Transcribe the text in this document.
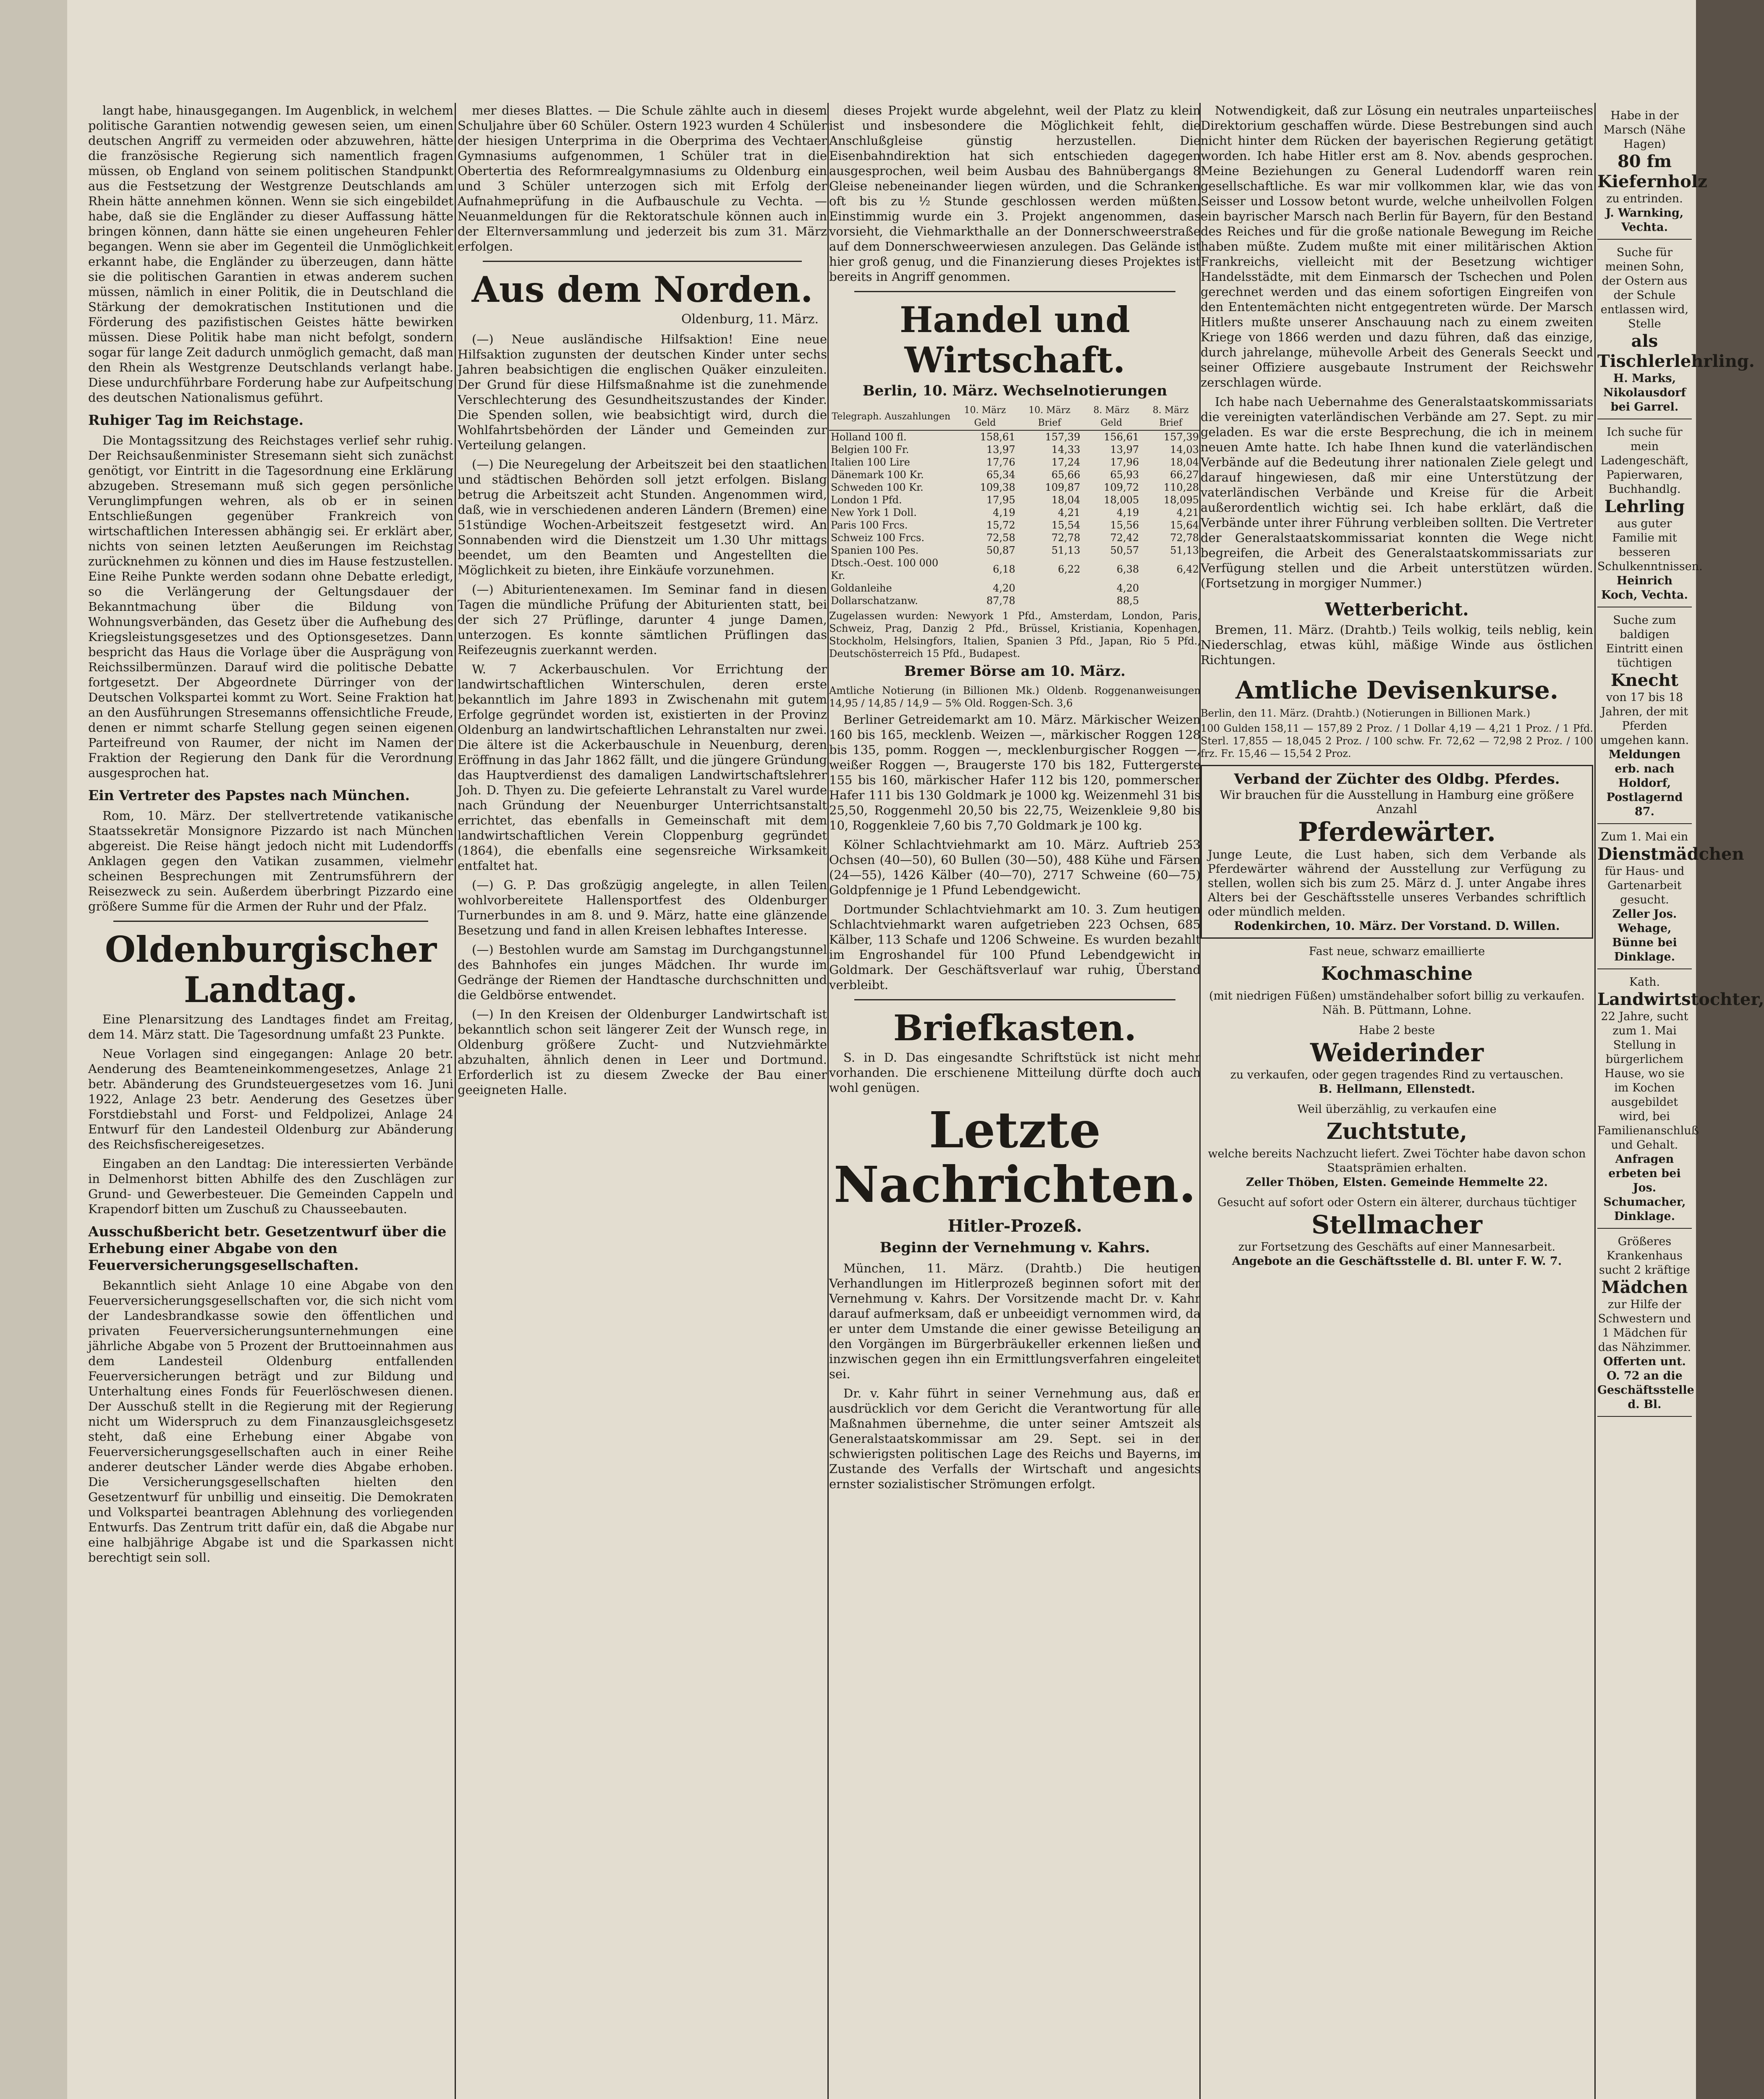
langt habe, hinausgegangen. Im Augenblick, in welchem politische Garantien notwendig gewesen seien, um einen deutschen Angriff zu vermeiden oder abzuwehren, hätte die französische Regierung sich namentlich fragen müssen, ob England von seinem politischen Standpunkt aus die Festsetzung der Westgrenze Deutschlands am Rhein hätte annehmen können. Wenn sie sich eingebildet habe, daß sie die Engländer zu dieser Auffassung hätte bringen können, dann hätte sie einen ungeheuren Fehler begangen. Wenn sie aber im Gegenteil die Unmöglichkeit erkannt habe, die Engländer zu überzeugen, dann hätte sie die politischen Garantien in etwas anderem suchen müssen, nämlich in einer Politik, die in Deutschland die Stärkung der demokratischen Institutionen und die Förderung des pazifistischen Geistes hätte bewirken müssen. Diese Politik habe man nicht befolgt, sondern sogar für lange Zeit dadurch unmöglich gemacht, daß man den Rhein als Westgrenze Deutschlands verlangt habe. Diese undurchführbare Forderung habe zur Aufpeitschung des deutschen Nationalismus geführt.

Ruhiger Tag im Reichstage.

Die Montagssitzung des Reichstages verlief sehr ruhig. Der Reichsaußenminister Stresemann sieht sich zunächst genötigt, vor Eintritt in die Tagesordnung eine Erklärung abzugeben. Stresemann muß sich gegen persönliche Verunglimpfungen wehren, als ob er in seinen Entschließungen gegenüber Frankreich von wirtschaftlichen Interessen abhängig sei. Er erklärt aber, nichts von seinen letzten Aeußerungen im Reichstag zurücknehmen zu können und dies im Hause festzustellen. Eine Reihe Punkte werden sodann ohne Debatte erledigt, so die Verlängerung der Geltungsdauer der Bekanntmachung über die Bildung von Wohnungsverbänden, das Gesetz über die Aufhebung des Kriegsleistungsgesetzes und des Optionsgesetzes. Dann bespricht das Haus die Vorlage über die Ausprägung von Reichssilbermünzen. Darauf wird die politische Debatte fortgesetzt. Der Abgeordnete Dürringer von der Deutschen Volkspartei kommt zu Wort. Seine Fraktion hat an den Ausführungen Stresemanns offensichtliche Freude, denen er nimmt scharfe Stellung gegen seinen eigenen Parteifreund von Raumer, der nicht im Namen der Fraktion der Regierung den Dank für die Verordnung ausgesprochen hat.

Ein Vertreter des Papstes nach München.

Rom, 10. März. Der stellvertretende vatikanische Staatssekretär Monsignore Pizzardo ist nach München abgereist. Die Reise hängt jedoch nicht mit Ludendorffs Anklagen gegen den Vatikan zusammen, vielmehr scheinen Besprechungen mit Zentrumsführern der Reisezweck zu sein. Außerdem überbringt Pizzardo eine größere Summe für die Armen der Ruhr und der Pfalz.

Oldenburgischer Landtag.

Eine Plenarsitzung des Landtages findet am Freitag, dem 14. März statt. Die Tagesordnung umfaßt 23 Punkte.

Neue Vorlagen sind eingegangen: Anlage 20 betr. Aenderung des Beamteneinkommengesetzes, Anlage 21 betr. Abänderung des Grundsteuergesetzes vom 16. Juni 1922, Anlage 23 betr. Aenderung des Gesetzes über Forstdiebstahl und Forst- und Feldpolizei, Anlage 24 Entwurf für den Landesteil Oldenburg zur Abänderung des Reichsfischereigesetzes.

Eingaben an den Landtag: Die interessierten Verbände in Delmenhorst bitten Abhilfe des den Zuschlägen zur Grund- und Gewerbesteuer. Die Gemeinden Cappeln und Krapendorf bitten um Zuschuß zu Chausseebauten.

Ausschußbericht betr. Gesetzentwurf über die Erhebung einer Abgabe von den Feuerversicherungsgesellschaften.

Bekanntlich sieht Anlage 10 eine Abgabe von den Feuerversicherungsgesellschaften vor, die sich nicht vom der Landesbrandkasse sowie den öffentlichen und privaten Feuerversicherungsunternehmungen eine jährliche Abgabe von 5 Prozent der Bruttoeinnahmen aus dem Landesteil Oldenburg entfallenden Feuerversicherungen beträgt und zur Bildung und Unterhaltung eines Fonds für Feuerlöschwesen dienen. Der Ausschuß stellt in die Regierung mit der Regierung nicht um Widerspruch zu dem Finanzausgleichsgesetz steht, daß eine Erhebung einer Abgabe von Feuerversicherungsgesellschaften auch in einer Reihe anderer deutscher Länder werde dies Abgabe erhoben. Die Versicherungsgesellschaften hielten den Gesetzentwurf für unbillig und einseitig. Die Demokraten und Volkspartei beantragen Ablehnung des vorliegenden Entwurfs. Das Zentrum tritt dafür ein, daß die Abgabe nur eine halbjährige Abgabe ist und die Sparkassen nicht berechtigt sein soll.

mer dieses Blattes. — Die Schule zählte auch in diesem Schuljahre über 60 Schüler. Ostern 1923 wurden 4 Schüler der hiesigen Unterprima in die Oberprima des Vechtaer Gymnasiums aufgenommen, 1 Schüler trat in die Obertertia des Reformrealgymnasiums zu Oldenburg ein und 3 Schüler unterzogen sich mit Erfolg der Aufnahmeprüfung in die Aufbauschule zu Vechta. — Neuanmeldungen für die Rektoratschule können auch in der Elternversammlung und jederzeit bis zum 31. März erfolgen.

Aus dem Norden.
Oldenburg, 11. März.

(—) Neue ausländische Hilfsaktion! Eine neue Hilfsaktion zugunsten der deutschen Kinder unter sechs Jahren beabsichtigen die englischen Quäker einzuleiten. Der Grund für diese Hilfsmaßnahme ist die zunehmende Verschlechterung des Gesundheitszustandes der Kinder. Die Spenden sollen, wie beabsichtigt wird, durch die Wohlfahrtsbehörden der Länder und Gemeinden zur Verteilung gelangen.

(—) Die Neuregelung der Arbeitszeit bei den staatlichen und städtischen Behörden soll jetzt erfolgen. Bislang betrug die Arbeitszeit acht Stunden. Angenommen wird, daß, wie in verschiedenen anderen Ländern (Bremen) eine 51stündige Wochen-Arbeitszeit festgesetzt wird. An Sonnabenden wird die Dienstzeit um 1.30 Uhr mittags beendet, um den Beamten und Angestellten die Möglichkeit zu bieten, ihre Einkäufe vorzunehmen.

(—) Abiturientenexamen. Im Seminar fand in diesen Tagen die mündliche Prüfung der Abiturienten statt, bei der sich 27 Prüflinge, darunter 4 junge Damen, unterzogen. Es konnte sämtlichen Prüflingen das Reifezeugnis zuerkannt werden.

W. 7 Ackerbauschulen. Vor Errichtung der landwirtschaftlichen Winterschulen, deren erste bekanntlich im Jahre 1893 in Zwischenahn mit gutem Erfolge gegründet worden ist, existierten in der Provinz Oldenburg an landwirtschaftlichen Lehranstalten nur zwei. Die ältere ist die Ackerbauschule in Neuenburg, deren Eröffnung in das Jahr 1862 fällt, und die jüngere Gründung das Hauptverdienst des damaligen Landwirtschaftslehrer Joh. D. Thyen zu. Die gefeierte Lehranstalt zu Varel wurde nach Gründung der Neuenburger Unterrichtsanstalt errichtet, das ebenfalls in Gemeinschaft mit dem landwirtschaftlichen Verein Cloppenburg gegründet (1864), die ebenfalls eine segensreiche Wirksamkeit entfaltet hat.

(—) G. P. Das großzügig angelegte, in allen Teilen wohlvorbereitete Hallensportfest des Oldenburger Turnerbundes in am 8. und 9. März, hatte eine glänzende Besetzung und fand in allen Kreisen lebhaftes Interesse.

(—) Bestohlen wurde am Samstag im Durchgangstunnel des Bahnhofes ein junges Mädchen. Ihr wurde im Gedränge der Riemen der Handtasche durchschnitten und die Geldbörse entwendet.

(—) In den Kreisen der Oldenburger Landwirtschaft ist bekanntlich schon seit längerer Zeit der Wunsch rege, in Oldenburg größere Zucht- und Nutzviehmärkte abzuhalten, ähnlich denen in Leer und Dortmund. Erforderlich ist zu diesem Zwecke der Bau einer geeigneten Halle.

dieses Projekt wurde abgelehnt, weil der Platz zu klein ist und insbesondere die Möglichkeit fehlt, die Anschlußgleise günstig herzustellen. Die Eisenbahndirektion hat sich entschieden dagegen ausgesprochen, weil beim Ausbau des Bahnübergangs 8 Gleise nebeneinander liegen würden, und die Schranken oft bis zu ½ Stunde geschlossen werden müßten. Einstimmig wurde ein 3. Projekt angenommen, das vorsieht, die Viehmarkthalle an der Donnerschweerstraße auf dem Donnerschweerwiesen anzulegen. Das Gelände ist hier groß genug, und die Finanzierung dieses Projektes ist bereits in Angriff genommen.

Handel und Wirtschaft.
Berlin, 10. März. Wechselnotierungen
Telegraph. Auszahlungen	10. März Geld	10. März Brief	8. März Geld	8. März Brief
Holland 100 fl.	158,61	157,39	156,61	157,39
Belgien 100 Fr.	13,97	14,33	13,97	14,03
Italien 100 Lire	17,76	17,24	17,96	18,04
Dänemark 100 Kr.	65,34	65,66	65,93	66,27
Schweden 100 Kr.	109,38	109,87	109,72	110,28
London 1 Pfd.	17,95	18,04	18,005	18,095
New York 1 Doll.	4,19	4,21	4,19	4,21
Paris 100 Frcs.	15,72	15,54	15,56	15,64
Schweiz 100 Frcs.	72,58	72,78	72,42	72,78
Spanien 100 Pes.	50,87	51,13	50,57	51,13
Dtsch.-Oest. 100 000 Kr.	6,18	6,22	6,38	6,42
Goldanleihe	4,20		4,20	
Dollarschatzanw.	87,78		88,5	
Zugelassen wurden: Newyork 1 Pfd., Amsterdam, London, Paris, Schweiz, Prag, Danzig 2 Pfd., Brüssel, Kristiania, Kopenhagen, Stockholm, Helsingfors, Italien, Spanien 3 Pfd., Japan, Rio 5 Pfd., Deutschösterreich 15 Pfd., Budapest.
Bremer Börse am 10. März.
Amtliche Notierung (in Billionen Mk.) Oldenb. Roggenanweisungen 14,95 / 14,85 / 14,9 — 5% Old. Roggen-Sch. 3,6

Berliner Getreidemarkt am 10. März. Märkischer Weizen 160 bis 165, mecklenb. Weizen —, märkischer Roggen 128 bis 135, pomm. Roggen —, mecklenburgischer Roggen —, weißer Roggen —, Braugerste 170 bis 182, Futtergerste 155 bis 160, märkischer Hafer 112 bis 120, pommerscher Hafer 111 bis 130 Goldmark je 1000 kg. Weizenmehl 31 bis 25,50, Roggenmehl 20,50 bis 22,75, Weizenkleie 9,80 bis 10, Roggenkleie 7,60 bis 7,70 Goldmark je 100 kg.

Kölner Schlachtviehmarkt am 10. März. Auftrieb 253 Ochsen (40—50), 60 Bullen (30—50), 488 Kühe und Färsen (24—55), 1426 Kälber (40—70), 2717 Schweine (60—75) Goldpfennige je 1 Pfund Lebendgewicht.

Dortmunder Schlachtviehmarkt am 10. 3. Zum heutigen Schlachtviehmarkt waren aufgetrieben 223 Ochsen, 685 Kälber, 113 Schafe und 1206 Schweine. Es wurden bezahlt im Engroshandel für 100 Pfund Lebendgewicht in Goldmark. Der Geschäftsverlauf war ruhig, Überstand verbleibt.

Briefkasten.

S. in D. Das eingesandte Schriftstück ist nicht mehr vorhanden. Die erschienene Mitteilung dürfte doch auch wohl genügen.

Letzte Nachrichten.
Hitler-Prozeß.
Beginn der Vernehmung v. Kahrs.

München, 11. März. (Drahtb.) Die heutigen Verhandlungen im Hitlerprozeß beginnen sofort mit der Vernehmung v. Kahrs. Der Vorsitzende macht Dr. v. Kahr darauf aufmerksam, daß er unbeeidigt vernommen wird, da er unter dem Umstande die einer gewisse Beteiligung an den Vorgängen im Bürgerbräukeller erkennen ließen und inzwischen gegen ihn ein Ermittlungsverfahren eingeleitet sei.

Dr. v. Kahr führt in seiner Vernehmung aus, daß er ausdrücklich vor dem Gericht die Verantwortung für alle Maßnahmen übernehme, die unter seiner Amtszeit als Generalstaatskommissar am 29. Sept. sei in der schwierigsten politischen Lage des Reichs und Bayerns, im Zustande des Verfalls der Wirtschaft und angesichts ernster sozialistischer Strömungen erfolgt.

Notwendigkeit, daß zur Lösung ein neutrales unparteiisches Direktorium geschaffen würde. Diese Bestrebungen sind auch nicht hinter dem Rücken der bayerischen Regierung getätigt worden. Ich habe Hitler erst am 8. Nov. abends gesprochen. Meine Beziehungen zu General Ludendorff waren rein gesellschaftliche. Es war mir vollkommen klar, wie das von Seisser und Lossow betont wurde, welche unheilvollen Folgen ein bayrischer Marsch nach Berlin für Bayern, für den Bestand des Reiches und für die große nationale Bewegung im Reiche haben müßte. Zudem mußte mit einer militärischen Aktion Frankreichs, vielleicht mit der Besetzung wichtiger Handelsstädte, mit dem Einmarsch der Tschechen und Polen gerechnet werden und das einem sofortigen Eingreifen von den Ententemächten nicht entgegentreten würde. Der Marsch Hitlers mußte unserer Anschauung nach zu einem zweiten Kriege von 1866 werden und dazu führen, daß das einzige, durch jahrelange, mühevolle Arbeit des Generals Seeckt und seiner Offiziere ausgebaute Instrument der Reichswehr zerschlagen würde.

Ich habe nach Uebernahme des Generalstaatskommissariats die vereinigten vaterländischen Verbände am 27. Sept. zu mir geladen. Es war die erste Besprechung, die ich in meinem neuen Amte hatte. Ich habe Ihnen kund die vaterländischen Verbände auf die Bedeutung ihrer nationalen Ziele gelegt und darauf hingewiesen, daß mir eine Unterstützung der vaterländischen Verbände und Kreise für die Arbeit außerordentlich wichtig sei. Ich habe erklärt, daß die Verbände unter ihrer Führung verbleiben sollten. Die Vertreter der Generalstaatskommissariat konnten die Wege nicht begreifen, die Arbeit des Generalstaatskommissariats zur Verfügung stellen und die Arbeit unterstützen würden. (Fortsetzung in morgiger Nummer.)

Wetterbericht.

Bremen, 11. März. (Drahtb.) Teils wolkig, teils neblig, kein Niederschlag, etwas kühl, mäßige Winde aus östlichen Richtungen.

Amtliche Devisenkurse.
Berlin, den 11. März. (Drahtb.) (Notierungen in Billionen Mark.)
100 Gulden 158,11 — 157,89 2 Proz. / 1 Dollar 4,19 — 4,21 1 Proz. / 1 Pfd. Sterl. 17,855 — 18,045 2 Proz. / 100 schw. Fr. 72,62 — 72,98 2 Proz. / 100 frz. Fr. 15,46 — 15,54 2 Proz.
Verband der Züchter des Oldbg. Pferdes.
Wir brauchen für die Ausstellung in Hamburg eine größere Anzahl
Pferdewärter.
Junge Leute, die Lust haben, sich dem Verbande als Pferdewärter während der Ausstellung zur Verfügung zu stellen, wollen sich bis zum 25. März d. J. unter Angabe ihres Alters bei der Geschäftsstelle unseres Verbandes schriftlich oder mündlich melden.
Rodenkirchen, 10. März. Der Vorstand. D. Willen.
Fast neue, schwarz emaillierte
Kochmaschine
(mit niedrigen Füßen) umständehalber sofort billig zu verkaufen. Näh. B. Püttmann, Lohne.
Habe 2 beste
Weiderinder
zu verkaufen, oder gegen tragendes Rind zu vertauschen.
B. Hellmann, Ellenstedt.
Weil überzählig, zu verkaufen eine
Zuchtstute,
welche bereits Nachzucht liefert. Zwei Töchter habe davon schon Staatsprämien erhalten.
Zeller Thöben, Elsten. Gemeinde Hemmelte 22.
Gesucht auf sofort oder Ostern ein älterer, durchaus tüchtiger
Stellmacher
zur Fortsetzung des Geschäfts auf einer Mannesarbeit.
Angebote an die Geschäftsstelle d. Bl. unter F. W. 7.
Habe in der Marsch (Nähe Hagen)
80 fm Kiefernholz
zu entrinden.
J. Warnking, Vechta.
Suche für meinen Sohn, der Ostern aus der Schule entlassen wird, Stelle
als Tischlerlehrling.
H. Marks, Nikolausdorf bei Garrel.
Ich suche für mein Ladengeschäft, Papierwaren, Buchhandlg.
Lehrling
aus guter Familie mit besseren Schulkenntnissen.
Heinrich Koch, Vechta.
Suche zum baldigen Eintritt einen tüchtigen
Knecht
von 17 bis 18 Jahren, der mit Pferden umgehen kann.
Meldungen erb. nach Holdorf, Postlagernd 87.
Zum 1. Mai ein
Dienstmädchen
für Haus- und Gartenarbeit gesucht.
Zeller Jos. Wehage, Bünne bei Dinklage.
Kath.
Landwirtstochter,
22 Jahre, sucht zum 1. Mai Stellung in bürgerlichem Hause, wo sie im Kochen ausgebildet wird, bei Familienanschluß und Gehalt.
Anfragen erbeten bei Jos. Schumacher, Dinklage.
Größeres Krankenhaus sucht 2 kräftige
Mädchen
zur Hilfe der Schwestern und 1 Mädchen für das Nähzimmer.
Offerten unt. O. 72 an die Geschäftsstelle d. Bl.
